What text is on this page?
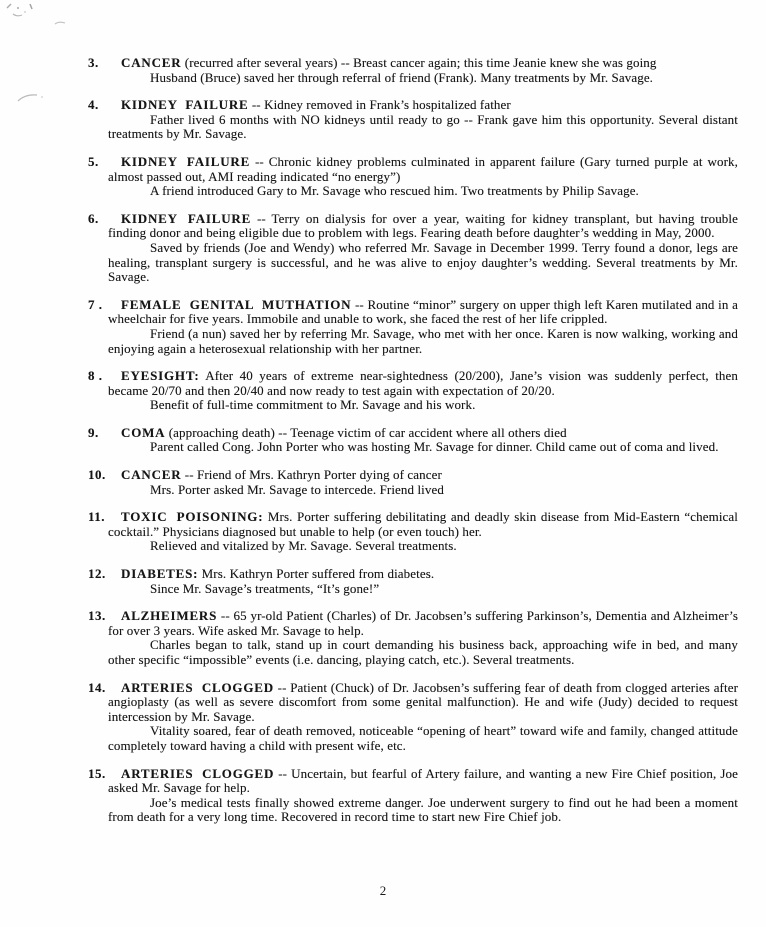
3.	CANCER (recurred after several years) -- Breast cancer again; this time Jeanie knew she was going

Husband (Bruce) saved her through referral of friend (Frank). Many treatments by Mr. Savage.

4.	KIDNEY FAILURE -- Kidney removed in Frank’s hospitalized father

Father lived 6 months with NO kidneys until ready to go -- Frank gave him this opportunity. Several distant treatments by Mr. Savage.

5.	KIDNEY FAILURE -- Chronic kidney problems culminated in apparent failure (Gary turned purple at work, almost passed out, AMI reading indicated “no energy”)

A friend introduced Gary to Mr. Savage who rescued him. Two treatments by Philip Savage.

6.	KIDNEY FAILURE -- Terry on dialysis for over a year, waiting for kidney transplant, but having trouble finding donor and being eligible due to problem with legs. Fearing death before daughter’s wedding in May, 2000.

Saved by friends (Joe and Wendy) who referred Mr. Savage in December 1999. Terry found a donor, legs are healing, transplant surgery is successful, and he was alive to enjoy daughter’s wedding. Several treatments by Mr. Savage.

7 .	FEMALE GENITAL MUTHATION -- Routine “minor” surgery on upper thigh left Karen mutilated and in a wheelchair for five years. Immobile and unable to work, she faced the rest of her life crippled.

Friend (a nun) saved her by referring Mr. Savage, who met with her once. Karen is now walking, working and enjoying again a heterosexual relationship with her partner.

8 .	EYESIGHT: After 40 years of extreme near-sightedness (20/200), Jane’s vision was suddenly perfect, then became 20/70 and then 20/40 and now ready to test again with expectation of 20/20.

Benefit of full-time commitment to Mr. Savage and his work.

9.	COMA (approaching death) -- Teenage victim of car accident where all others died

Parent called Cong. John Porter who was hosting Mr. Savage for dinner. Child came out of coma and lived.

10.	CANCER -- Friend of Mrs. Kathryn Porter dying of cancer

Mrs. Porter asked Mr. Savage to intercede. Friend lived

11.	TOXIC POISONING: Mrs. Porter suffering debilitating and deadly skin disease from Mid-Eastern “chemical cocktail.” Physicians diagnosed but unable to help (or even touch) her.

Relieved and vitalized by Mr. Savage. Several treatments.

12.	DIABETES: Mrs. Kathryn Porter suffered from diabetes.

Since Mr. Savage’s treatments, “It’s gone!”

13.	ALZHEIMERS -- 65 yr-old Patient (Charles) of Dr. Jacobsen’s suffering Parkinson’s, Dementia and Alzheimer’s for over 3 years. Wife asked Mr. Savage to help.

Charles began to talk, stand up in court demanding his business back, approaching wife in bed, and many other specific “impossible” events (i.e. dancing, playing catch, etc.). Several treatments.

14.	ARTERIES CLOGGED -- Patient (Chuck) of Dr. Jacobsen’s suffering fear of death from clogged arteries after angioplasty (as well as severe discomfort from some genital malfunction). He and wife (Judy) decided to request intercession by Mr. Savage.

Vitality soared, fear of death removed, noticeable “opening of heart” toward wife and family, changed attitude completely toward having a child with present wife, etc.

15.	ARTERIES CLOGGED -- Uncertain, but fearful of Artery failure, and wanting a new Fire Chief position, Joe asked Mr. Savage for help.

Joe’s medical tests finally showed extreme danger. Joe underwent surgery to find out he had been a moment from death for a very long time. Recovered in record time to start new Fire Chief job.

2
